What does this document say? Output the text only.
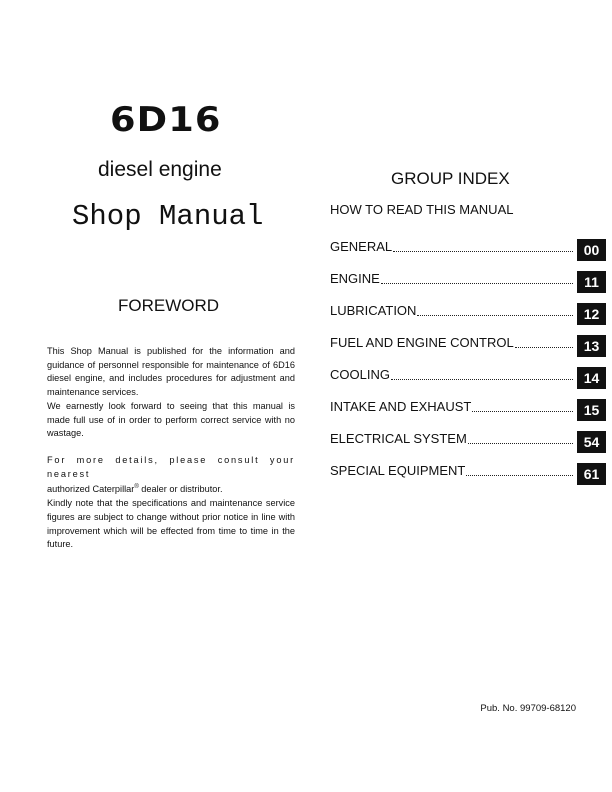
6D16
diesel engine
Shop Manual
FOREWORD

This Shop Manual is published for the information and guidance of personnel responsible for maintenance of 6D16 diesel engine, and includes procedures for adjustment and maintenance services.

We earnestly look forward to seeing that this manual is made full use of in order to perform correct service with no wastage.

For more details, please consult your nearest
authorized Caterpillar® dealer or distributor.

Kindly note that the specifications and maintenance service figures are subject to change without prior notice in line with improvement which will be effected from time to time in the future.

GROUP INDEX
HOW TO READ THIS MANUAL
GENERAL	00
ENGINE	11
LUBRICATION	12
FUEL AND ENGINE CONTROL	13
COOLING	14
INTAKE AND EXHAUST	15
ELECTRICAL SYSTEM	54
SPECIAL EQUIPMENT	61
Pub. No. 99709-68120
